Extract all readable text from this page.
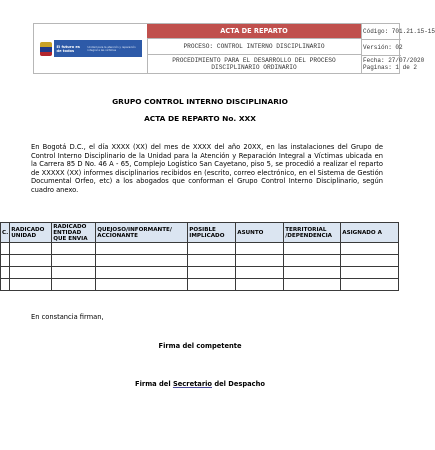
El futuro es de todos
Unidad para la atención y reparación integral a las víctimas
ACTA DE REPARTO
PROCESO: CONTROL INTERNO DISCIPLINARIO
PROCEDIMIENTO PARA EL DESARROLLO DEL PROCESO DISCIPLINARIO ORDINARIO
Código: 701.21.15-15
Versión: 02
Fecha: 27/07/2020
Paginas: 1 de 2
GRUPO CONTROL INTERNO DISCIPLINARIO
ACTA DE REPARTO No. XXX
En Bogotá D.C., el día XXXX (XX) del mes de XXXX del año 20XX, en las instalaciones del Grupo de Control Interno Disciplinario de la Unidad para la Atención y Reparación Integral a Víctimas ubicada en la Carrera 85 D No. 46 A - 65, Complejo Logístico San Cayetano, piso 5, se procedió a realizar el reparto de XXXXX (XX) informes disciplinarios recibidos en (escrito, correo electrónico, en el Sistema de Gestión Documental Orfeo, etc) a los abogados que conforman el Grupo Control Interno Disciplinario, según cuadro anexo.
C.	RADICADO UNIDAD	RADICADO ENTIDAD QUE ENVIA	QUEJOSO/INFORMANTE/ ACCIONANTE	POSIBLE IMPLICADO	ASUNTO	TERRITORIAL /DEPENDENCIA	ASIGNADO A

En constancia firman,
Firma del competente
Firma del Secretario del Despacho
